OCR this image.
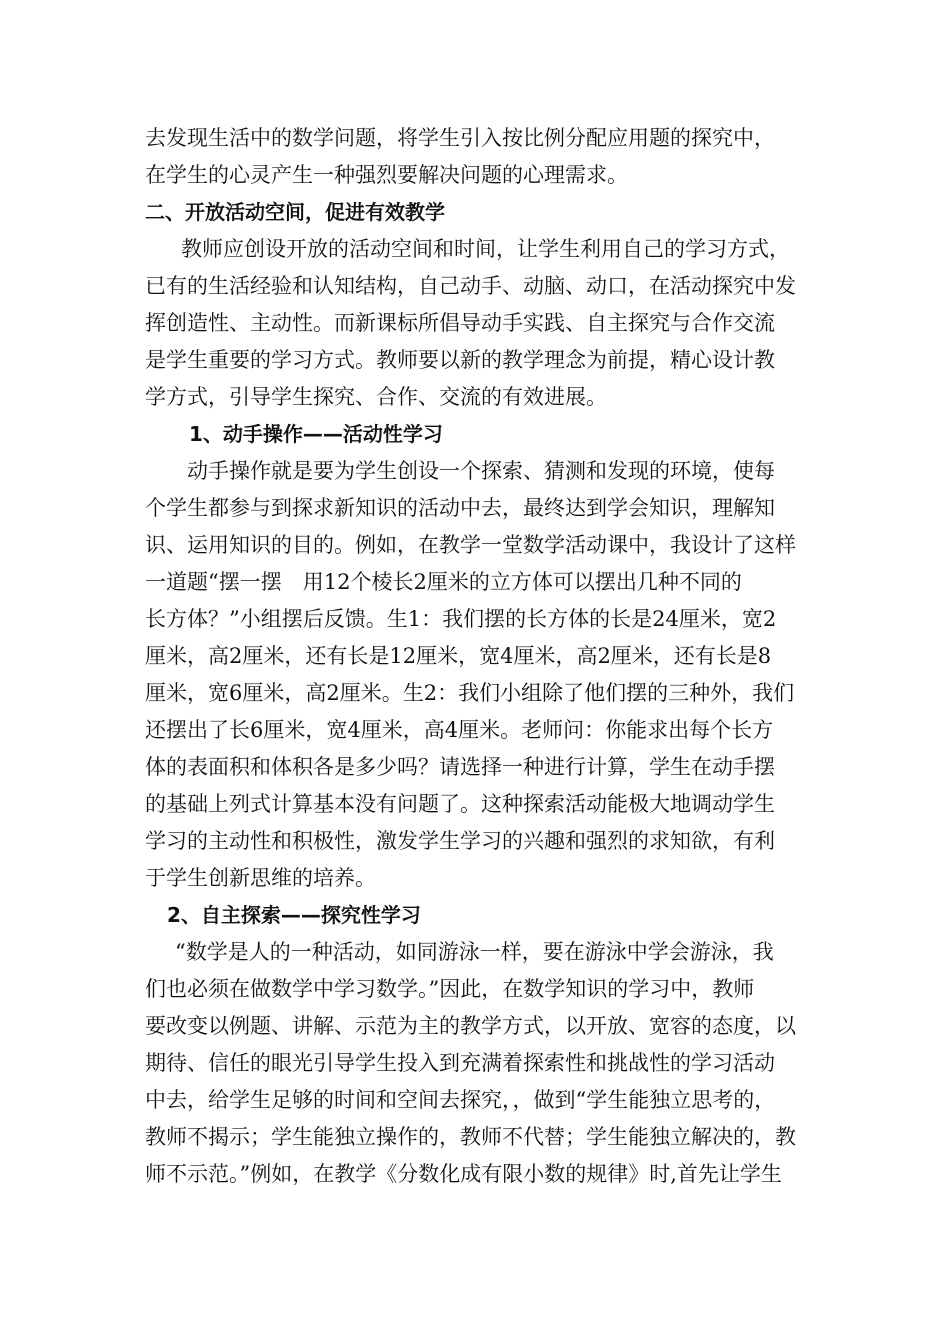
去发现生活中的数学问题，将学生引入按比例分配应用题的探究中，
在学生的心灵产生一种强烈要解决问题的心理需求。
二、开放活动空间，促进有效教学
教师应创设开放的活动空间和时间，让学生利用自己的学习方式，
已有的生活经验和认知结构，自己动手、动脑、动口，在活动探究中发
挥创造性、主动性。而新课标所倡导动手实践、自主探究与合作交流
是学生重要的学习方式。教师要以新的教学理念为前提，精心设计教
学方式，引导学生探究、合作、交流的有效进展。
1、动手操作——活动性学习
动手操作就是要为学生创设一个探索、猜测和发现的环境，使每
个学生都参与到探求新知识的活动中去，最终达到学会知识，理解知
识、运用知识的目的。例如，在教学一堂数学活动课中，我设计了这样
一道题“摆一摆　用12个棱长2厘米的立方体可以摆出几种不同的
长方体？”小组摆后反馈。生1：我们摆的长方体的长是24厘米，宽2
厘米，高2厘米，还有长是12厘米，宽4厘米，高2厘米，还有长是8
厘米，宽6厘米，高2厘米。生2：我们小组除了他们摆的三种外，我们
还摆出了长6厘米，宽4厘米，高4厘米。老师问：你能求出每个长方
体的表面积和体积各是多少吗？请选择一种进行计算，学生在动手摆
的基础上列式计算基本没有问题了。这种探索活动能极大地调动学生
学习的主动性和积极性，激发学生学习的兴趣和强烈的求知欲，有利
于学生创新思维的培养。
2、自主探索——探究性学习
“数学是人的一种活动，如同游泳一样，要在游泳中学会游泳，我
们也必须在做数学中学习数学。”因此，在数学知识的学习中，教师
要改变以例题、讲解、示范为主的教学方式，以开放、宽容的态度，以
期待、信任的眼光引导学生投入到充满着探索性和挑战性的学习活动
中去，给学生足够的时间和空间去探究，，做到“学生能独立思考的，
教师不揭示；学生能独立操作的，教师不代替；学生能独立解决的，教
师不示范。”例如，在教学《分数化成有限小数的规律》时,首先让学生
